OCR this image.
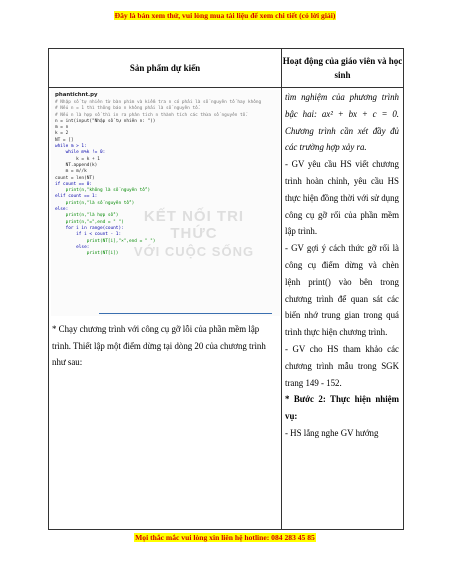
Đây là bản xem thử, vui lòng mua tài liệu để xem chi tiết (có lời giải)
Sản phẩm dự kiến
Hoạt động của giáo viên và học sinh
KẾT NỐI TRI THỨC
VỚI CUỘC SỐNG
phantichnt.py
# Nhập số tự nhiên từ bàn phím và kiểm tra n có phải là số nguyên tố hay không
# Nếu n = 1 thì thông báo n không phải là số nguyên tố.
# Nếu n là hợp số thì in ra phân tích n thành tích các thừa số nguyên tố.
n = int(input("Nhập số tự nhiên n: "))
m = n
k = 2
NT = []
while m > 1:
while m%k != 0:
k = k + 1
NT.append(k)
m = m//k
count = len(NT)
if count == 0:
print(n,"không là số nguyên tố")
elif count == 1:
print(n,"là số nguyên tố")
else:
print(n,"là hợp số")
print(n,"=",end = " ")
for i in range(count):
if i < count - 1:
print(NT[i],"×",end = " ")
else:
print(NT[i])
* Chạy chương trình với công cụ gỡ lỗi của phần mềm lập trình. Thiết lập một điểm dừng tại dòng 20 của chương trình như sau:

tìm nghiệm của phương trình bậc hai: ax² + bx + c = 0. Chương trình cần xét đầy đủ các trường hợp xảy ra.

- GV yêu cầu HS viết chương trình hoàn chỉnh, yêu cầu HS thực hiện đồng thời với sử dụng công cụ gỡ rối của phần mềm lập trình.

- GV gợi ý cách thức gỡ rối là công cụ điểm dừng và chèn lệnh print() vào bên trong chương trình để quan sát các biến nhớ trung gian trong quá trình thực hiện chương trình.

- GV cho HS tham khảo các chương trình mẫu trong SGK trang 149 - 152.

* Bước 2: Thực hiện nhiệm vụ:

- HS lắng nghe GV hướng

Mọi thắc mắc vui lòng xin liên hệ hotline: 084 283 45 85
